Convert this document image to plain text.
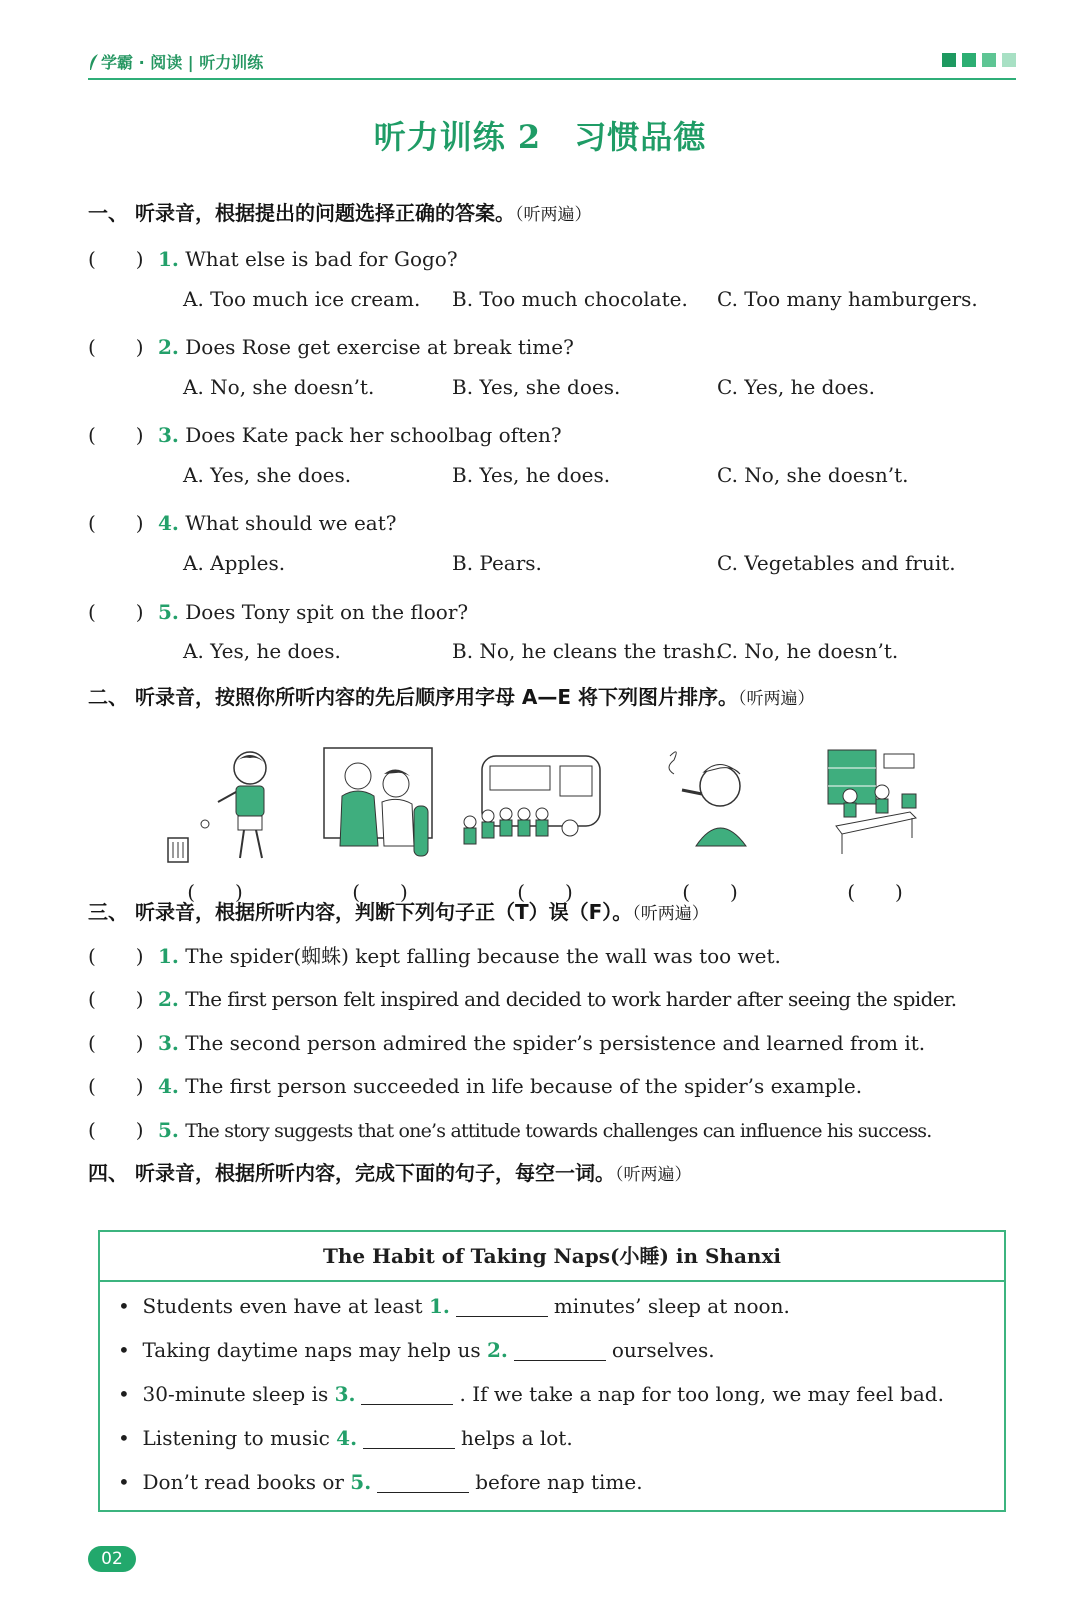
学霸 · 阅读 | 听力训练
听力训练 2　习惯品德
一、 听录音，根据提出的问题选择正确的答案。（听两遍）
(　　) 1. What else is bad for Gogo?
A. Too much ice cream. B. Too much chocolate. C. Too many hamburgers.
(　　) 2. Does Rose get exercise at break time?
A. No, she doesn’t.	B. Yes, she does.	C. Yes, he does.
(　　) 3. Does Kate pack her schoolbag often?
A. Yes, she does.	B. Yes, he does.	C. No, she doesn’t.
(　　) 4. What should we eat?
A. Apples.	B. Pears.	C. Vegetables and fruit.
(　　) 5. Does Tony spit on the floor?
A. Yes, he does.	B. No, he cleans the trash.
C. No, he doesn’t.
二、 听录音，按照你所听内容的先后顺序用字母 A—E 将下列图片排序。（听两遍）
(　　)	(　　)	(　　)	(　　)	(　　)
三、 听录音，根据所听内容，判断下列句子正（T）误（F）。（听两遍）
(　　) 1. The spider(蜘蛛) kept falling because the wall was too wet.
(　　) 2. The first person felt inspired and decided to work harder after seeing the spider.
(　　) 3. The second person admired the spider’s persistence and learned from it.
(　　) 4. The first person succeeded in life because of the spider’s example.
(　　) 5. The story suggests that one’s attitude towards challenges can influence his success.
四、 听录音，根据所听内容，完成下面的句子，每空一词。（听两遍）
The Habit of Taking Naps(小睡) in Shanxi
•  Students even have at least 1.	minutes’ sleep at noon.
•  Taking daytime naps may help us 2.	ourselves.
•  30-minute sleep is 3.	. If we take a nap for too long, we may feel bad.
•  Listening to music 4.	helps a lot.
•  Don’t read books or 5.	before nap time.
02
